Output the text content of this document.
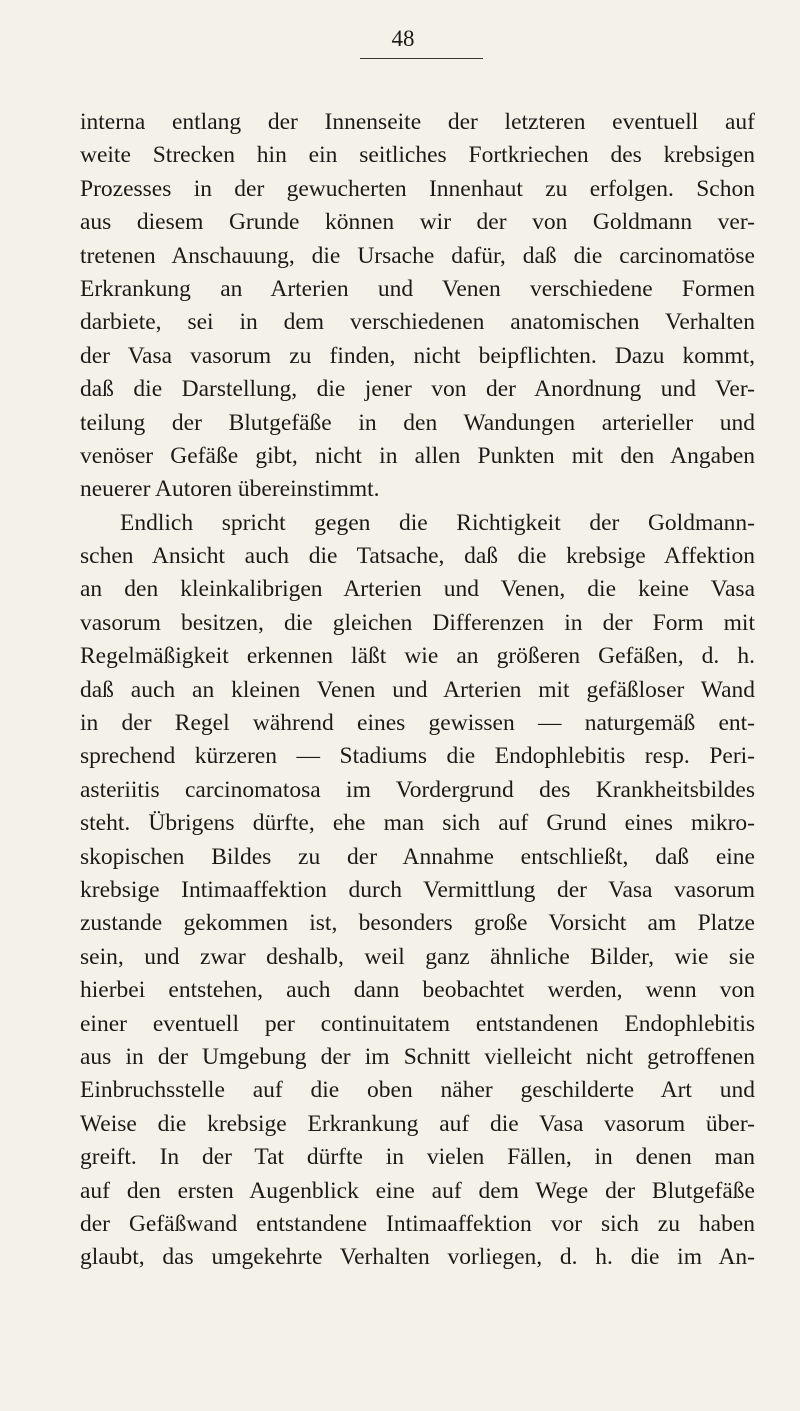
48
interna entlang der Innenseite der letzteren eventuell auf
weite Strecken hin ein seitliches Fortkriechen des krebsigen
Prozesses in der gewucherten Innenhaut zu erfolgen. Schon
aus diesem Grunde können wir der von Goldmann ver-
tretenen Anschauung, die Ursache dafür, daß die carcinomatöse
Erkrankung an Arterien und Venen verschiedene Formen
darbiete, sei in dem verschiedenen anatomischen Verhalten
der Vasa vasorum zu finden, nicht beipflichten. Dazu kommt,
daß die Darstellung, die jener von der Anordnung und Ver-
teilung der Blutgefäße in den Wandungen arterieller und
venöser Gefäße gibt, nicht in allen Punkten mit den Angaben
neuerer Autoren übereinstimmt.
Endlich spricht gegen die Richtigkeit der Goldmann-
schen Ansicht auch die Tatsache, daß die krebsige Affektion
an den kleinkalibrigen Arterien und Venen, die keine Vasa
vasorum besitzen, die gleichen Differenzen in der Form mit
Regelmäßigkeit erkennen läßt wie an größeren Gefäßen, d. h.
daß auch an kleinen Venen und Arterien mit gefäßloser Wand
in der Regel während eines gewissen — naturgemäß ent-
sprechend kürzeren — Stadiums die Endophlebitis resp. Peri-
asteriitis carcinomatosa im Vordergrund des Krankheitsbildes
steht. Übrigens dürfte, ehe man sich auf Grund eines mikro-
skopischen Bildes zu der Annahme entschließt, daß eine
krebsige Intimaaffektion durch Vermittlung der Vasa vasorum
zustande gekommen ist, besonders große Vorsicht am Platze
sein, und zwar deshalb, weil ganz ähnliche Bilder, wie sie
hierbei entstehen, auch dann beobachtet werden, wenn von
einer eventuell per continuitatem entstandenen Endophlebitis
aus in der Umgebung der im Schnitt vielleicht nicht getroffenen
Einbruchsstelle auf die oben näher geschilderte Art und
Weise die krebsige Erkrankung auf die Vasa vasorum über-
greift. In der Tat dürfte in vielen Fällen, in denen man
auf den ersten Augenblick eine auf dem Wege der Blutgefäße
der Gefäßwand entstandene Intimaaffektion vor sich zu haben
glaubt, das umgekehrte Verhalten vorliegen, d. h. die im An-
